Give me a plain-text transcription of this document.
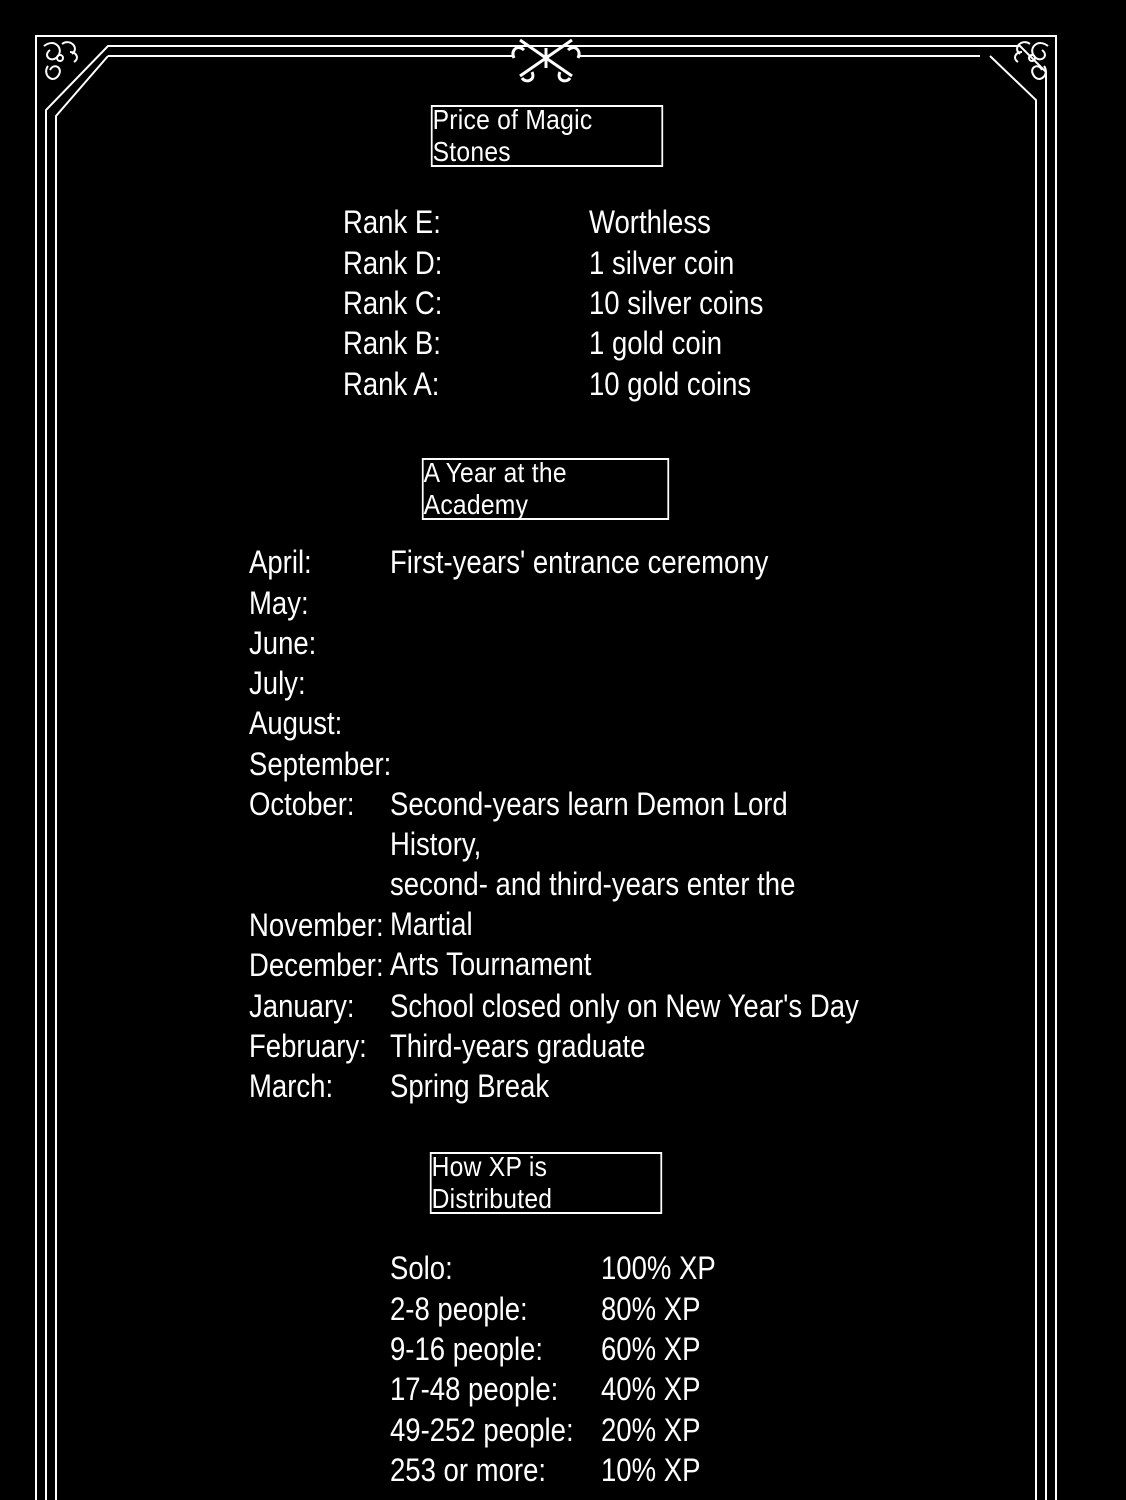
Price of Magic Stones
Rank E:	Worthless
Rank D:	1 silver coin
Rank C:	10 silver coins
Rank B:	1 gold coin
Rank A:	10 gold coins
A Year at the Academy
April: First-years' entrance ceremony
May:
June:
July:
August:
September:
October: Second-years learn Demon Lord History,
second- and third-years enter the Martial
Arts Tournament
November:
December:
January: School closed only on New Year's Day
February: Third-years graduate
March: Spring Break
How XP is Distributed
Solo:	100% XP
2-8 people: 80% XP
9-16 people: 60% XP
17-48 people: 40% XP
49-252 people: 20% XP
253 or more: 10% XP
